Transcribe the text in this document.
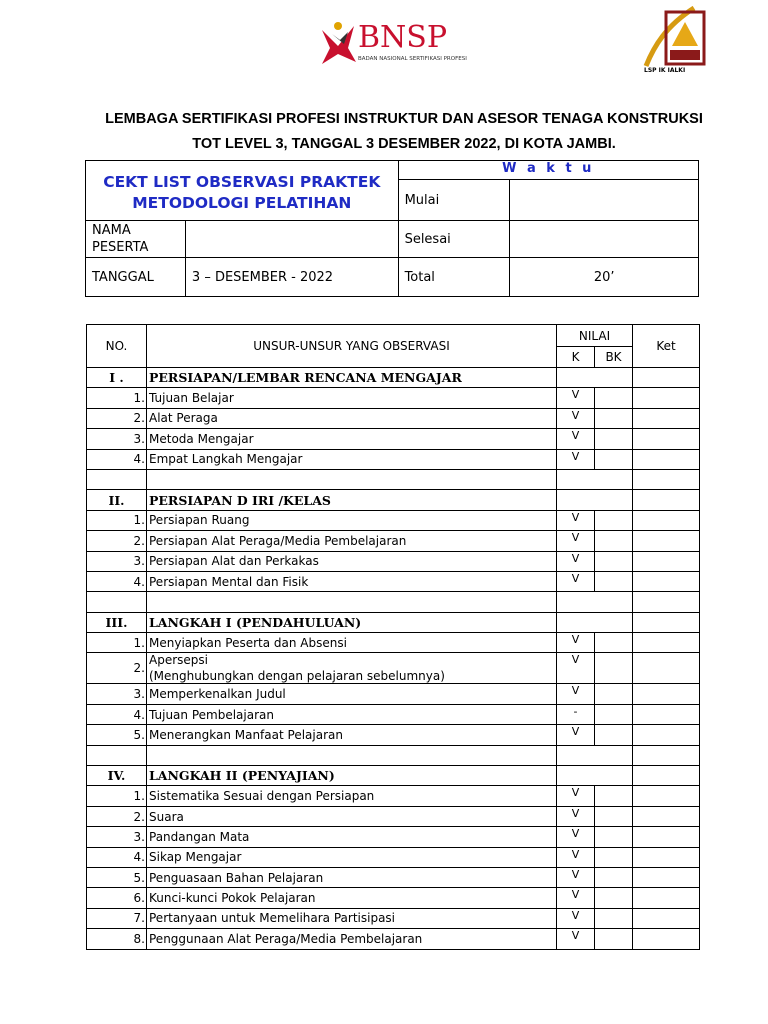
BNSP
BADAN NASIONAL SERTIFIKASI PROFESI
LSP IK IALKI
LEMBAGA SERTIFIKASI PROFESI INSTRUKTUR DAN ASESOR TENAGA KONSTRUKSI
TOT LEVEL 3, TANGGAL 3 DESEMBER 2022, DI KOTA JAMBI.
CEKT LIST OBSERVASI PRAKTEK
METODOLOGI PELATIHAN		W a k t u	
		Mulai	
NAMA PESERTA		Selesai	
TANGGAL	3 – DESEMBER - 2022	Total	20’
NO.	UNSUR-UNSUR YANG OBSERVASI	NILAI		Ket
		K	BK	
I .	PERSIAPAN/LEMBAR RENCANA MENGAJAR			
1.	Tujuan Belajar	V		
2.	Alat Peraga	V		
3.	Metoda Mengajar	V		
4.	Empat Langkah Mengajar	V		

II.	PERSIAPAN D IRI /KELAS			
1.	Persiapan Ruang	V		
2.	Persiapan Alat Peraga/Media Pembelajaran	V		
3.	Persiapan Alat dan Perkakas	V		
4.	Persiapan Mental dan Fisik	V		

III.	LANGKAH I (PENDAHULUAN)			
1.	Menyiapkan Peserta dan Absensi	V		
2.	Apersepsi
(Menghubungkan dengan pelajaran sebelumnya)	V		
3.	Memperkenalkan Judul	V		
4.	Tujuan Pembelajaran	-		
5.	Menerangkan Manfaat Pelajaran	V		

IV.	LANGKAH II (PENYAJIAN)			
1.	Sistematika Sesuai dengan Persiapan	V		
2.	Suara	V		
3.	Pandangan Mata	V		
4.	Sikap Mengajar	V		
5.	Penguasaan Bahan Pelajaran	V		
6.	Kunci-kunci Pokok Pelajaran	V		
7.	Pertanyaan untuk Memelihara Partisipasi	V		
8.	Penggunaan Alat Peraga/Media Pembelajaran	V		
